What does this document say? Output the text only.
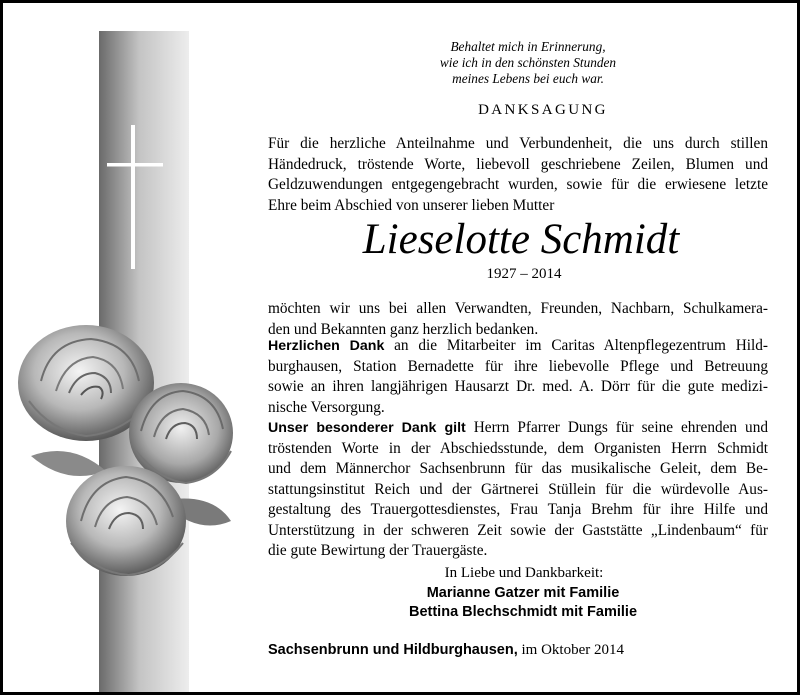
Behaltet mich in Erinnerung,
wie ich in den schönsten Stunden
meines Lebens bei euch war.
DANKSAGUNG
Für die herzliche Anteilnahme und Verbundenheit, die uns durch stillen
Händedruck, tröstende Worte, liebevoll geschriebene Zeilen, Blumen und
Geldzuwendungen entgegengebracht wurden, sowie für die erwiesene letzte
Ehre beim Abschied von unserer lieben Mutter
Lieselotte Schmidt
1927 – 2014
möchten wir uns bei allen Verwandten, Freunden, Nachbarn, Schulkamera-
den und Bekannten ganz herzlich bedanken.
Herzlichen Dank an die Mitarbeiter im Caritas Altenpflegezentrum Hild-
burghausen, Station Bernadette für ihre liebevolle Pflege und Betreuung
sowie an ihren langjährigen Hausarzt Dr. med. A. Dörr für die gute medizi-
nische Versorgung.
Unser besonderer Dank gilt Herrn Pfarrer Dungs für seine ehrenden und
tröstenden Worte in der Abschiedsstunde, dem Organisten Herrn Schmidt
und dem Männerchor Sachsenbrunn für das musikalische Geleit, dem Be-
stattungsinstitut Reich und der Gärtnerei Stüllein für die würdevolle Aus-
gestaltung des Trauergottesdienstes, Frau Tanja Brehm für ihre Hilfe und
Unterstützung in der schweren Zeit sowie der Gaststätte „Lindenbaum“ für
die gute Bewirtung der Trauergäste.
In Liebe und Dankbarkeit:
Marianne Gatzer mit Familie
Bettina Blechschmidt mit Familie
Sachsenbrunn und Hildburghausen, im Oktober 2014
